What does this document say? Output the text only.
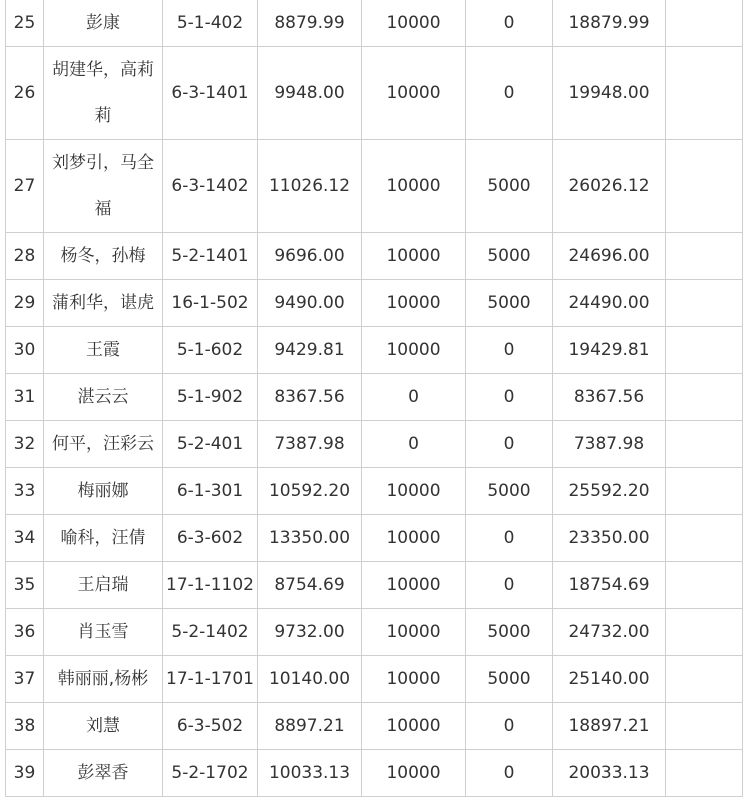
25	彭康	5-1-402	8879.99	10000	0	18879.99	
26	胡建华，高莉莉	6-3-1401	9948.00	10000	0	19948.00	
27	刘梦引，马全福	6-3-1402	11026.12	10000	5000	26026.12	
28	杨冬，孙梅	5-2-1401	9696.00	10000	5000	24696.00	
29	蒲利华，谌虎	16-1-502	9490.00	10000	5000	24490.00	
30	王霞	5-1-602	9429.81	10000	0	19429.81	
31	湛云云	5-1-902	8367.56	0	0	8367.56	
32	何平，汪彩云	5-2-401	7387.98	0	0	7387.98	
33	梅丽娜	6-1-301	10592.20	10000	5000	25592.20	
34	喻科，汪倩	6-3-602	13350.00	10000	0	23350.00	
35	王启瑞	17-1-1102	8754.69	10000	0	18754.69	
36	肖玉雪	5-2-1402	9732.00	10000	5000	24732.00	
37	韩丽丽,杨彬	17-1-1701	10140.00	10000	5000	25140.00	
38	刘慧	6-3-502	8897.21	10000	0	18897.21	
39	彭翠香	5-2-1702	10033.13	10000	0	20033.13	
